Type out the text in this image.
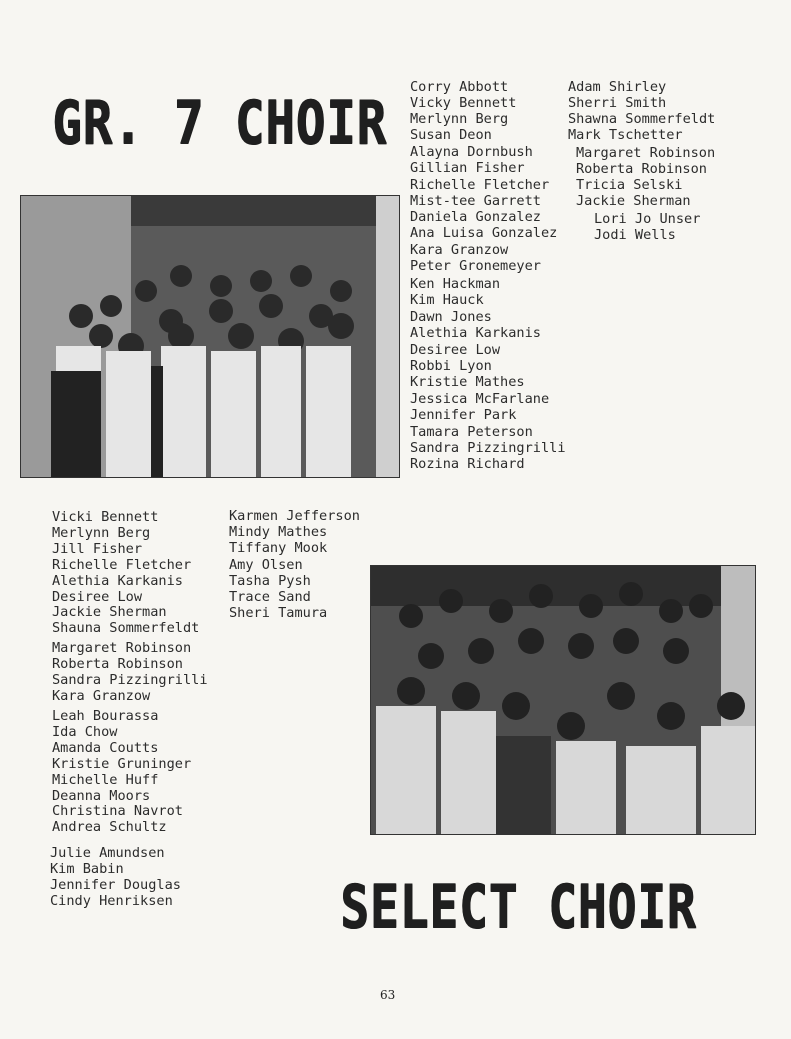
GR. 7 CHOIR
Corry Abbott
Vicky Bennett
Merlynn Berg
Susan Deon
Alayna Dornbush
Gillian Fisher
Richelle Fletcher
Mist-tee Garrett
Daniela Gonzalez
Ana Luisa Gonzalez
Kara Granzow
Peter Gronemeyer
Ken Hackman
Kim Hauck
Dawn Jones
Alethia Karkanis
Desiree Low
Robbi Lyon
Kristie Mathes
Jessica McFarlane
Jennifer Park
Tamara Peterson
Sandra Pizzingrilli
Rozina Richard
Adam Shirley
Sherri Smith
Shawna Sommerfeldt
Mark Tschetter
Margaret Robinson
Roberta Robinson
Tricia Selski
Jackie Sherman
Lori Jo Unser
Jodi Wells
Vicki Bennett
Merlynn Berg
Jill Fisher
Richelle Fletcher
Alethia Karkanis
Desiree Low
Jackie Sherman
Shauna Sommerfeldt
Margaret Robinson
Roberta Robinson
Sandra Pizzingrilli
Kara Granzow
Leah Bourassa
Ida Chow
Amanda Coutts
Kristie Gruninger
Michelle Huff
Deanna Moors
Christina Navrot
Andrea Schultz
Julie Amundsen
Kim Babin
Jennifer Douglas
Cindy Henriksen
Karmen Jefferson
Mindy Mathes
Tiffany Mook
Amy Olsen
Tasha Pysh
Trace Sand
Sheri Tamura
SELECT CHOIR
63
